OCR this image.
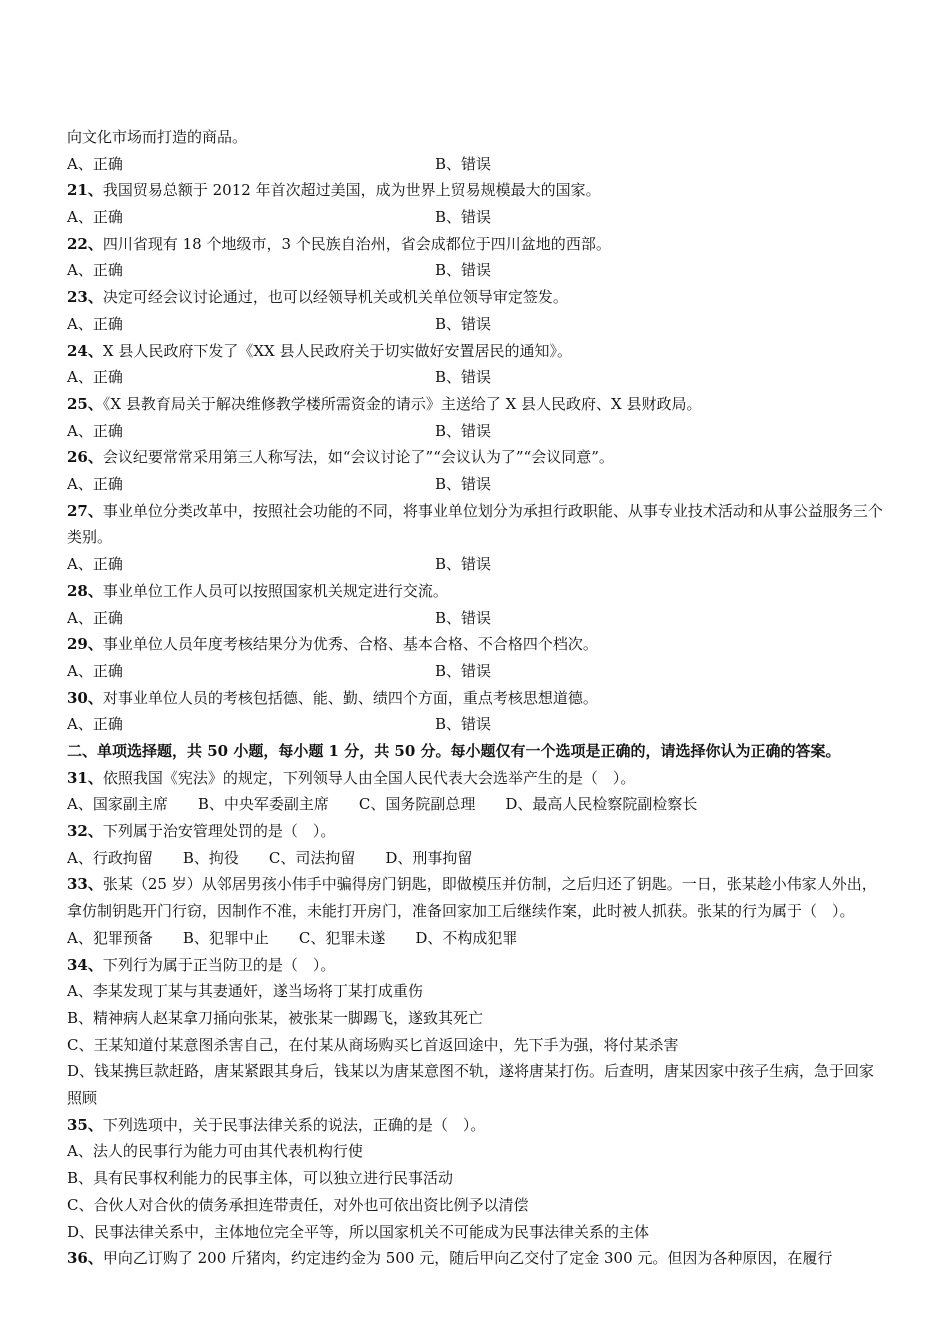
向文化市场而打造的商品。
A、正确	B、错误
21、我国贸易总额于 2012 年首次超过美国，成为世界上贸易规模最大的国家。
A、正确	B、错误
22、四川省现有 18 个地级市，3 个民族自治州，省会成都位于四川盆地的西部。
A、正确	B、错误
23、决定可经会议讨论通过，也可以经领导机关或机关单位领导审定签发。
A、正确	B、错误
24、X 县人民政府下发了《XX 县人民政府关于切实做好安置居民的通知》。
A、正确	B、错误
25、《X 县教育局关于解决维修教学楼所需资金的请示》主送给了 X 县人民政府、X 县财政局。
A、正确	B、错误
26、会议纪要常常采用第三人称写法，如“会议讨论了”“会议认为了”“会议同意”。
A、正确	B、错误
27、事业单位分类改革中，按照社会功能的不同，将事业单位划分为承担行政职能、从事专业技术活动和从事公益服务三个类别。
A、正确	B、错误
28、事业单位工作人员可以按照国家机关规定进行交流。
A、正确	B、错误
29、事业单位人员年度考核结果分为优秀、合格、基本合格、不合格四个档次。
A、正确	B、错误
30、对事业单位人员的考核包括德、能、勤、绩四个方面，重点考核思想道德。
A、正确	B、错误
二、单项选择题，共 50 小题，每小题 1 分，共 50 分。每小题仅有一个选项是正确的，请选择你认为正确的答案。
31、依照我国《宪法》的规定，下列领导人由全国人民代表大会选举产生的是（　）。
A、国家副主席 B、中央军委副主席 C、国务院副总理 D、最高人民检察院副检察长
32、下列属于治安管理处罚的是（　）。
A、行政拘留 B、拘役 C、司法拘留 D、刑事拘留
33、张某（25 岁）从邻居男孩小伟手中骗得房门钥匙，即做模压并仿制，之后归还了钥匙。一日，张某趁小伟家人外出，拿仿制钥匙开门行窃，因制作不准，未能打开房门，准备回家加工后继续作案，此时被人抓获。张某的行为属于（　）。
A、犯罪预备 B、犯罪中止 C、犯罪未遂 D、不构成犯罪
34、下列行为属于正当防卫的是（　）。
A、李某发现丁某与其妻通奸，遂当场将丁某打成重伤
B、精神病人赵某拿刀捅向张某，被张某一脚踢飞，遂致其死亡
C、王某知道付某意图杀害自己，在付某从商场购买匕首返回途中，先下手为强，将付某杀害
D、钱某携巨款赶路，唐某紧跟其身后，钱某以为唐某意图不轨，遂将唐某打伤。后查明，唐某因家中孩子生病，急于回家照顾
35、下列选项中，关于民事法律关系的说法，正确的是（　）。
A、法人的民事行为能力可由其代表机构行使
B、具有民事权利能力的民事主体，可以独立进行民事活动
C、合伙人对合伙的债务承担连带责任，对外也可依出资比例予以清偿
D、民事法律关系中，主体地位完全平等，所以国家机关不可能成为民事法律关系的主体
36、甲向乙订购了 200 斤猪肉，约定违约金为 500 元，随后甲向乙交付了定金 300 元。但因为各种原因，在履行
